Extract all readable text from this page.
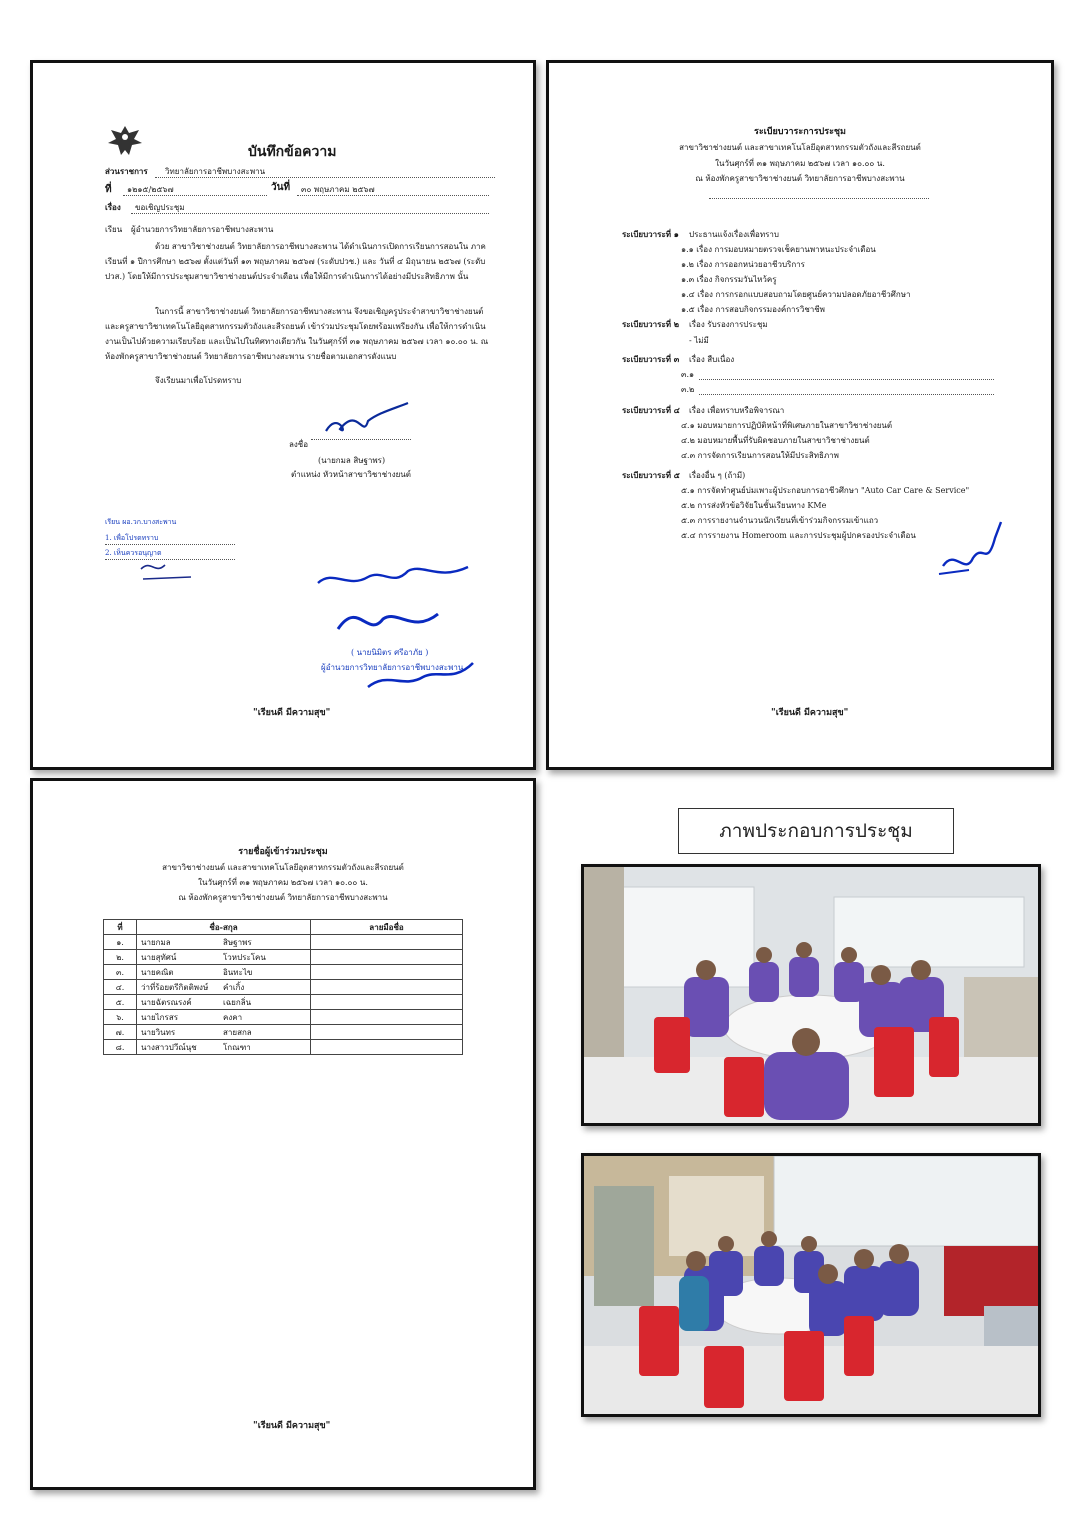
บันทึกข้อความ
ส่วนราชการ	วิทยาลัยการอาชีพบางสะพาน
ที่	๑๒๑๕/๒๕๖๗	วันที่	๓๐ พฤษภาคม ๒๕๖๗
เรื่อง	ขอเชิญประชุม
เรียน ผู้อำนวยการวิทยาลัยการอาชีพบางสะพาน
ด้วย สาขาวิชาช่างยนต์ วิทยาลัยการอาชีพบางสะพาน ได้ดำเนินการเปิดการเรียนการสอนใน ภาคเรียนที่ ๑ ปีการศึกษา ๒๕๖๗ ตั้งแต่วันที่ ๑๓ พฤษภาคม ๒๕๖๗ (ระดับปวช.) และ วันที่ ๔ มิถุนายน ๒๕๖๗ (ระดับปวส.) โดยให้มีการประชุมสาขาวิชาช่างยนต์ประจำเดือน เพื่อให้มีการดำเนินการได้อย่างมีประสิทธิภาพ นั้น
ในการนี้ สาขาวิชาช่างยนต์ วิทยาลัยการอาชีพบางสะพาน จึงขอเชิญครูประจำสาขาวิชาช่างยนต์ และครูสาขาวิชาเทคโนโลยีอุตสาหกรรมตัวถังและสีรถยนต์ เข้าร่วมประชุมโดยพร้อมเพรียงกัน เพื่อให้การดำเนินงานเป็นไปด้วยความเรียบร้อย และเป็นไปในทิศทางเดียวกัน ในวันศุกร์ที่ ๓๑ พฤษภาคม ๒๕๖๗ เวลา ๑๐.๐๐ น. ณ ห้องพักครูสาขาวิชาช่างยนต์ วิทยาลัยการอาชีพบางสะพาน รายชื่อตามเอกสารดังแนบ
จึงเรียนมาเพื่อโปรดทราบ
ลงชื่อ
(นายกมล สิษฐาพร)
ตำแหน่ง หัวหน้าสาขาวิชาช่างยนต์
เรียน ผอ.วก.บางสะพาน
1. เพื่อโปรดทราบ
2. เห็นควรอนุญาต
( นายนิมิตร ศรีอาภัย )
ผู้อำนวยการวิทยาลัยการอาชีพบางสะพาน
"เรียนดี มีความสุข"
ระเบียบวาระการประชุม
สาขาวิชาช่างยนต์ และสาขาเทคโนโลยีอุตสาหกรรมตัวถังและสีรถยนต์
ในวันศุกร์ที่ ๓๑ พฤษภาคม ๒๕๖๗ เวลา ๑๐.๐๐ น.
ณ ห้องพักครูสาขาวิชาช่างยนต์ วิทยาลัยการอาชีพบางสะพาน
ระเบียบวาระที่ ๑ ประธานแจ้งเรื่องเพื่อทราบ
๑.๑ เรื่อง การมอบหมายตรวจเช็คยานพาหนะประจำเดือน
๑.๒ เรื่อง การออกหน่วยอาชีวบริการ
๑.๓ เรื่อง กิจกรรมวันไหว้ครู
๑.๔ เรื่อง การกรอกแบบสอบถามโดยศูนย์ความปลอดภัยอาชีวศึกษา
๑.๕ เรื่อง การสอบกิจกรรมองค์การวิชาชีพ
ระเบียบวาระที่ ๒ เรื่อง รับรองการประชุม
- ไม่มี
ระเบียบวาระที่ ๓ เรื่อง สืบเนื่อง
๓.๑
๓.๒
ระเบียบวาระที่ ๔ เรื่อง เพื่อทราบหรือพิจารณา
๔.๑ มอบหมายการปฏิบัติหน้าที่พิเศษภายในสาขาวิชาช่างยนต์
๔.๒ มอบหมายพื้นที่รับผิดชอบภายในสาขาวิชาช่างยนต์
๔.๓ การจัดการเรียนการสอนให้มีประสิทธิภาพ
ระเบียบวาระที่ ๕ เรื่องอื่น ๆ (ถ้ามี)
๕.๑ การจัดทำศูนย์บ่มเพาะผู้ประกอบการอาชีวศึกษา "Auto Car Care & Service"
๕.๒ การส่งหัวข้อวิจัยในชั้นเรียนทาง KMe
๕.๓ การรายงานจำนวนนักเรียนที่เข้าร่วมกิจกรรมเข้าแถว
๕.๔ การรายงาน Homeroom และการประชุมผู้ปกครองประจำเดือน
"เรียนดี มีความสุข"
รายชื่อผู้เข้าร่วมประชุม
สาขาวิชาช่างยนต์ และสาขาเทคโนโลยีอุตสาหกรรมตัวถังและสีรถยนต์
ในวันศุกร์ที่ ๓๑ พฤษภาคม ๒๕๖๗ เวลา ๑๐.๐๐ น.
ณ ห้องพักครูสาขาวิชาช่างยนต์ วิทยาลัยการอาชีพบางสะพาน
ที่	ชื่อ-สกุล	ลายมือชื่อ
๑.	นายกมล สิษฐาพร	
๒.	นายสุทัศน์ โวหประโคน	
๓.	นายคณิต อินทะไข	
๔.	ว่าที่ร้อยตรีกิตติพงษ์ คำเกิ้ง	
๕.	นายฉัตรณรงค์ เฉยกลิ่น	
๖.	นายไกรสร คงคา	
๗.	นายวินทร สายสกล	
๘.	นางสาวปวีณ์นุช โกณฑา	
"เรียนดี มีความสุข"
ภาพประกอบการประชุม
